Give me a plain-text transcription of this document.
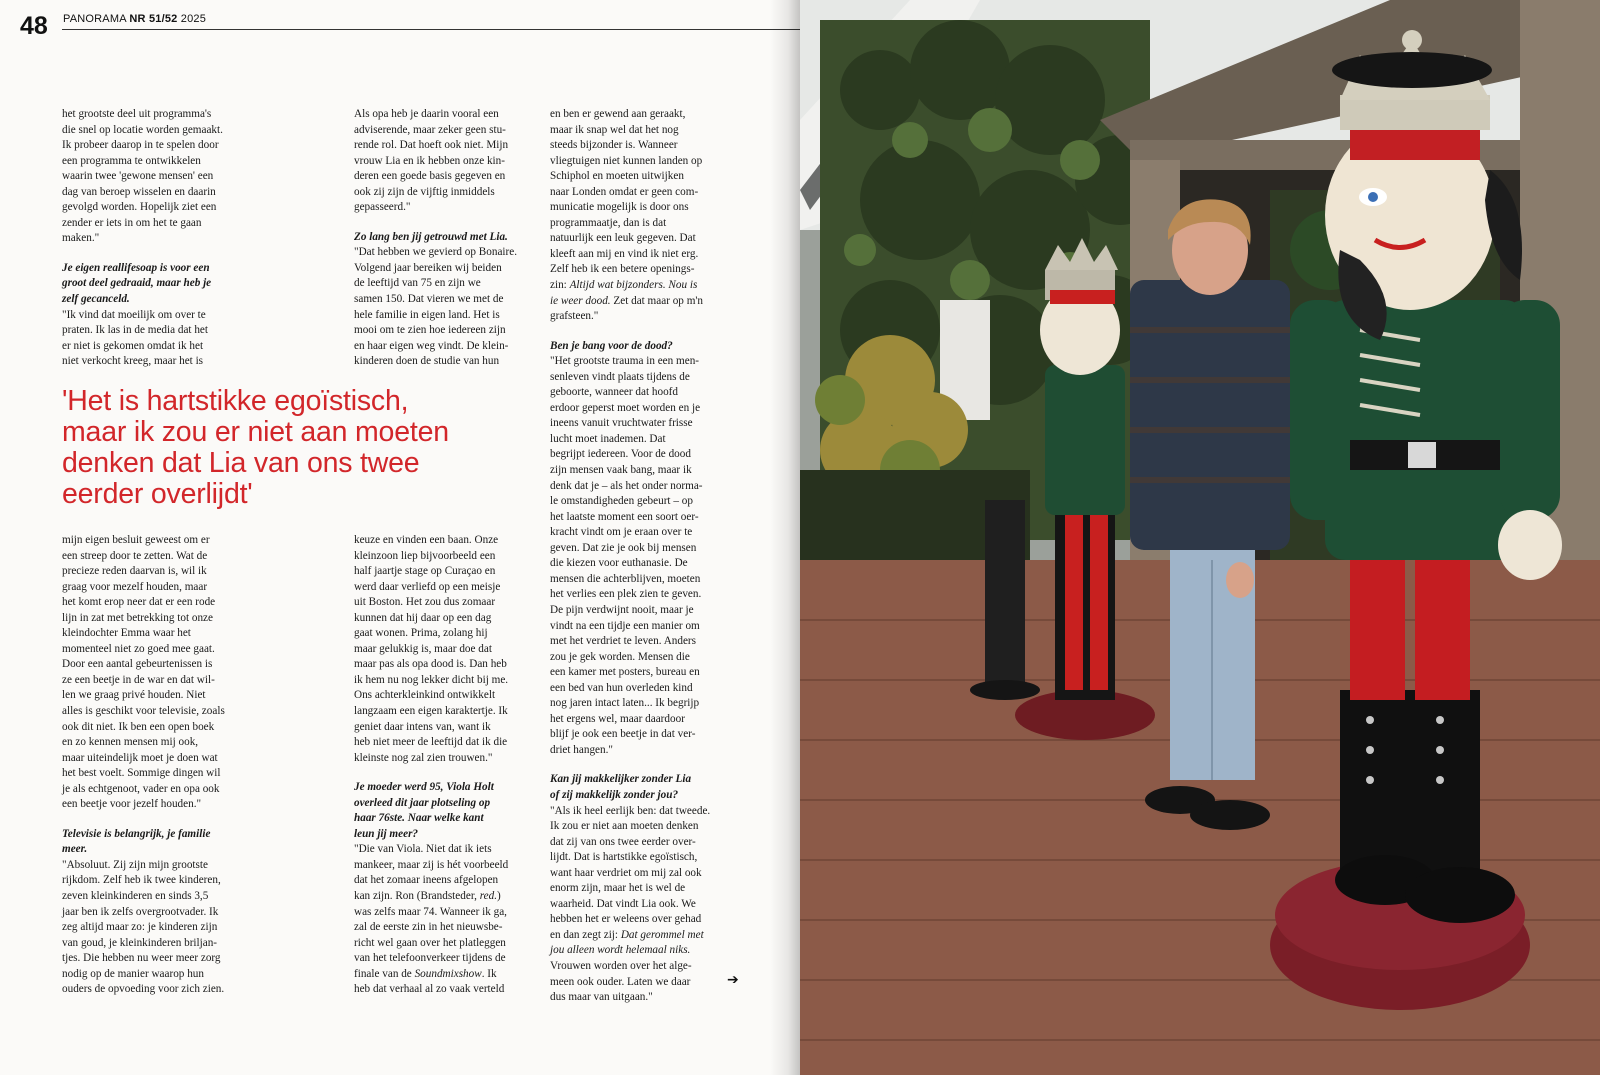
48 PANORAMA NR 51/52 2025

het grootste deel uit programma's
die snel op locatie worden gemaakt.
Ik probeer daarop in te spelen door
een programma te ontwikkelen
waarin twee 'gewone mensen' een
dag van beroep wisselen en daarin
gevolgd worden. Hopelijk ziet een
zender er iets in om het te gaan
maken."

Je eigen reallifesoap is voor een
groot deel gedraaid, maar heb je
zelf gecanceld.

"Ik vind dat moeilijk om over te
praten. Ik las in de media dat het
er niet is gekomen omdat ik het
niet verkocht kreeg, maar het is

Als opa heb je daarin vooral een
adviserende, maar zeker geen stu-
rende rol. Dat hoeft ook niet. Mijn
vrouw Lia en ik hebben onze kin-
deren een goede basis gegeven en
ook zij zijn de vijftig inmiddels
gepasseerd."

Zo lang ben jij getrouwd met Lia.

"Dat hebben we gevierd op Bonaire.
Volgend jaar bereiken wij beiden
de leeftijd van 75 en zijn we
samen 150. Dat vieren we met de
hele familie in eigen land. Het is
mooi om te zien hoe iedereen zijn
en haar eigen weg vindt. De klein-
kinderen doen de studie van hun

'Het is hartstikke egoïstisch,
maar ik zou er niet aan moeten
denken dat Lia van ons twee
eerder overlijdt'

mijn eigen besluit geweest om er
een streep door te zetten. Wat de
precieze reden daarvan is, wil ik
graag voor mezelf houden, maar
het komt erop neer dat er een rode
lijn in zat met betrekking tot onze
kleindochter Emma waar het
momenteel niet zo goed mee gaat.
Door een aantal gebeurtenissen is
ze een beetje in de war en dat wil-
len we graag privé houden. Niet
alles is geschikt voor televisie, zoals
ook dit niet. Ik ben een open boek
en zo kennen mensen mij ook,
maar uiteindelijk moet je doen wat
het best voelt. Sommige dingen wil
je als echtgenoot, vader en opa ook
een beetje voor jezelf houden."

Televisie is belangrijk, je familie
meer.

"Absoluut. Zij zijn mijn grootste
rijkdom. Zelf heb ik twee kinderen,
zeven kleinkinderen en sinds 3,5
jaar ben ik zelfs overgrootvader. Ik
zeg altijd maar zo: je kinderen zijn
van goud, je kleinkinderen briljan-
tjes. Die hebben nu weer meer zorg
nodig op de manier waarop hun
ouders de opvoeding voor zich zien.

keuze en vinden een baan. Onze
kleinzoon liep bijvoorbeeld een
half jaartje stage op Curaçao en
werd daar verliefd op een meisje
uit Boston. Het zou dus zomaar
kunnen dat hij daar op een dag
gaat wonen. Prima, zolang hij
maar gelukkig is, maar doe dat
maar pas als opa dood is. Dan heb
ik hem nu nog lekker dicht bij me.
Ons achterkleinkind ontwikkelt
langzaam een eigen karaktertje. Ik
geniet daar intens van, want ik
heb niet meer de leeftijd dat ik die
kleinste nog zal zien trouwen."

Je moeder werd 95, Viola Holt
overleed dit jaar plotseling op
haar 76ste. Naar welke kant
leun jij meer?

"Die van Viola. Niet dat ik iets
mankeer, maar zij is hét voorbeeld
dat het zomaar ineens afgelopen
kan zijn. Ron (Brandsteder, red.)
was zelfs maar 74. Wanneer ik ga,
zal de eerste zin in het nieuwsbe-
richt wel gaan over het platleggen
van het telefoonverkeer tijdens de
finale van de Soundmixshow. Ik
heb dat verhaal al zo vaak verteld

en ben er gewend aan geraakt,
maar ik snap wel dat het nog
steeds bijzonder is. Wanneer
vliegtuigen niet kunnen landen op
Schiphol en moeten uitwijken
naar Londen omdat er geen com-
municatie mogelijk is door ons
programmaatje, dan is dat
natuurlijk een leuk gegeven. Dat
kleeft aan mij en vind ik niet erg.
Zelf heb ik een betere openings-
zin: Altijd wat bijzonders. Nou is
ie weer dood. Zet dat maar op m'n
grafsteen."

Ben je bang voor de dood?

"Het grootste trauma in een men-
senleven vindt plaats tijdens de
geboorte, wanneer dat hoofd
erdoor geperst moet worden en je
ineens vanuit vruchtwater frisse
lucht moet inademen. Dat
begrijpt iedereen. Voor de dood
zijn mensen vaak bang, maar ik
denk dat je – als het onder norma-
le omstandigheden gebeurt – op
het laatste moment een soort oer-
kracht vindt om je eraan over te
geven. Dat zie je ook bij mensen
die kiezen voor euthanasie. De
mensen die achterblijven, moeten
het verlies een plek zien te geven.
De pijn verdwijnt nooit, maar je
vindt na een tijdje een manier om
met het verdriet te leven. Anders
zou je gek worden. Mensen die
een kamer met posters, bureau en
een bed van hun overleden kind
nog jaren intact laten... Ik begrijp
het ergens wel, maar daardoor
blijf je ook een beetje in dat ver-
driet hangen."

Kan jij makkelijker zonder Lia
of zij makkelijk zonder jou?

"Als ik heel eerlijk ben: dat tweede.
Ik zou er niet aan moeten denken
dat zij van ons twee eerder over-
lijdt. Dat is hartstikke egoïstisch,
want haar verdriet om mij zal ook
enorm zijn, maar het is wel de
waarheid. Dat vindt Lia ook. We
hebben het er weleens over gehad
en dan zegt zij: Dat gerommel met
jou alleen wordt helemaal niks.
Vrouwen worden over het alge-
meen ook ouder. Laten we daar
dus maar van uitgaan."

➔
